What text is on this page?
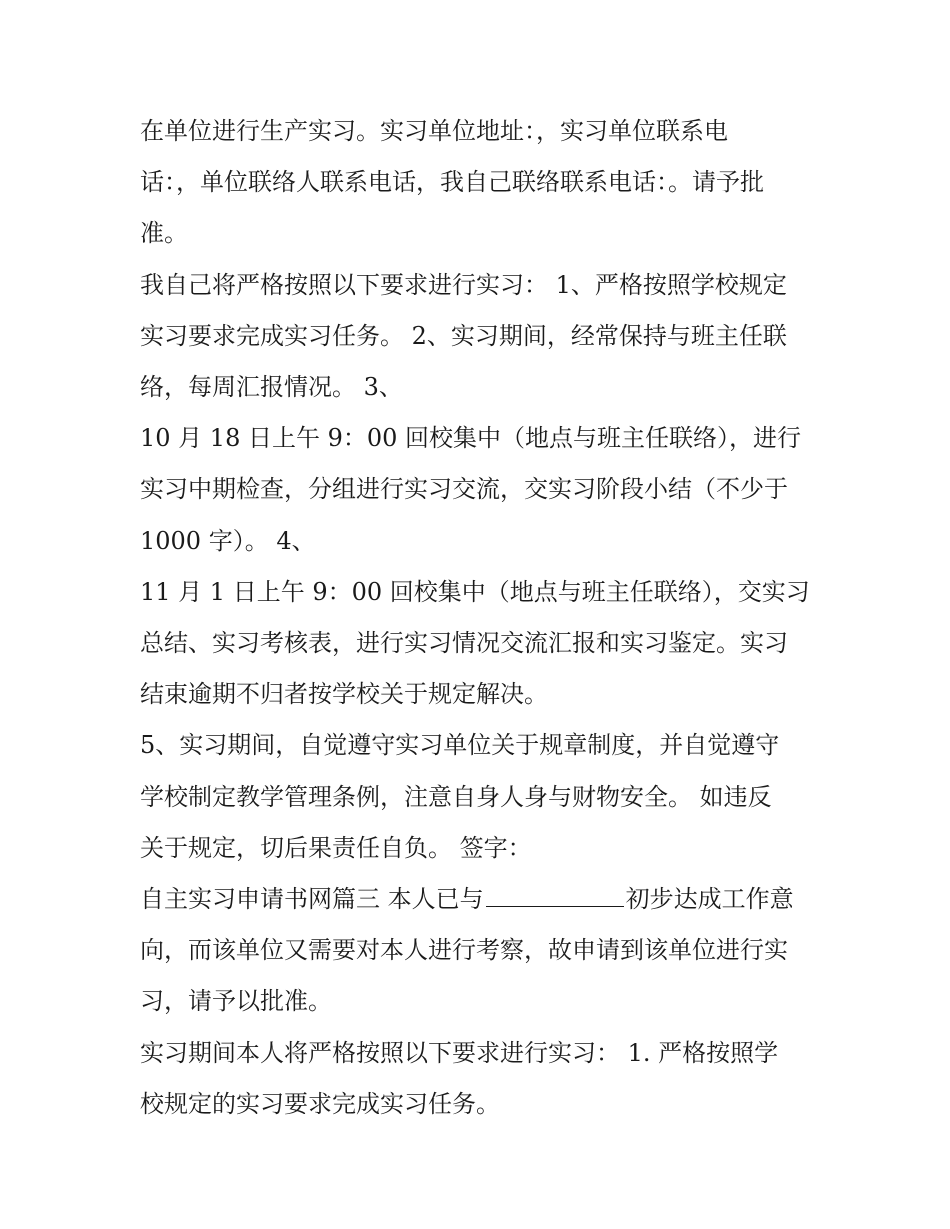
在单位进行生产实习。实习单位地址：，实习单位联系电
话：，单位联络人联系电话，我自己联络联系电话：。请予批
准。
我自己将严格按照以下要求进行实习： 1、严格按照学校规定
实习要求完成实习任务。 2、实习期间，经常保持与班主任联
络，每周汇报情况。 3、
10 月 18 日上午 9：00 回校集中（地点与班主任联络），进行
实习中期检查，分组进行实习交流，交实习阶段小结（不少于
1000 字）。 4、
11 月 1 日上午 9：00 回校集中（地点与班主任联络），交实习
总结、实习考核表，进行实习情况交流汇报和实习鉴定。实习
结束逾期不归者按学校关于规定解决。
5、实习期间，自觉遵守实习单位关于规章制度，并自觉遵守
学校制定教学管理条例，注意自身人身与财物安全。 如违反
关于规定，切后果责任自负。 签字：
自主实习申请书网篇三 本人已与	初步达成工作意
向，而该单位又需要对本人进行考察，故申请到该单位进行实
习，请予以批准。
实习期间本人将严格按照以下要求进行实习： 1. 严格按照学
校规定的实习要求完成实习任务。
